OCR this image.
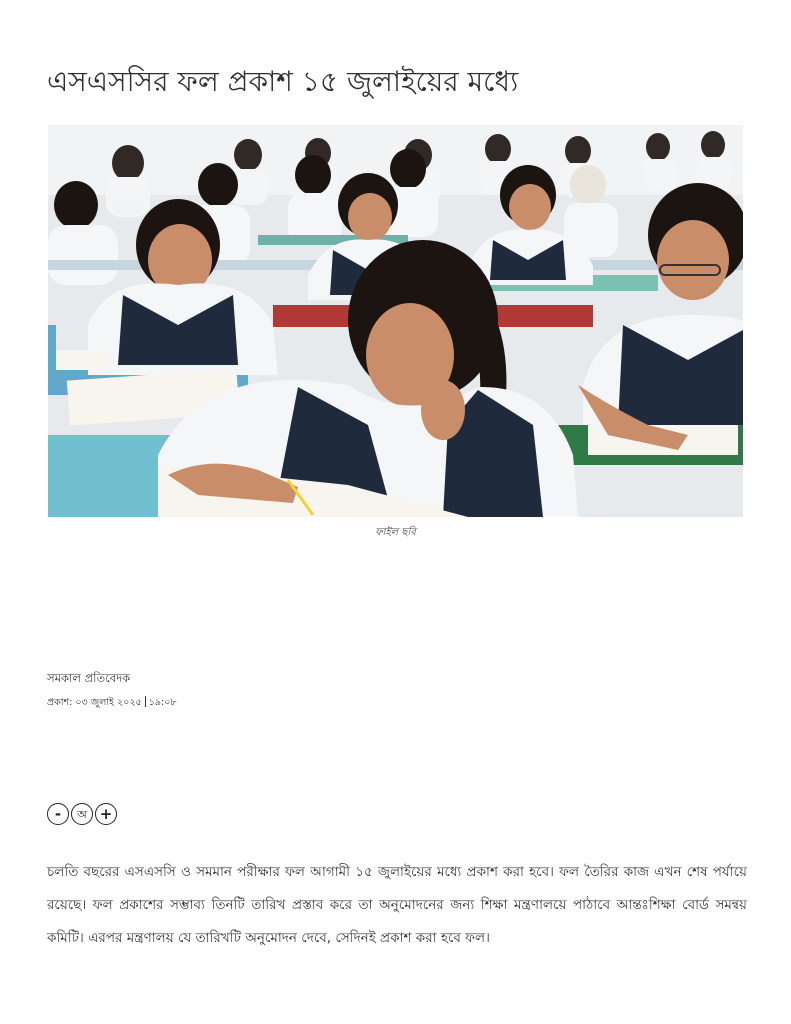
এসএসসির ফল প্রকাশ ১৫ জুলাইয়ের মধ্যে
ফাইল ছবি
সমকাল প্রতিবেদক
প্রকাশ: ০৩ জুলাই ২০২৫ ১৯:০৮
-	অ +

চলতি বছরের এসএসসি ও সমমান পরীক্ষার ফল আগামী ১৫ জুলাইয়ের মধ্যে প্রকাশ করা হবে। ফল তৈরির কাজ এখন শেষ পর্যায়ে রয়েছে। ফল প্রকাশের সম্ভাব্য তিনটি তারিখ প্রস্তাব করে তা অনুমোদনের জন্য শিক্ষা মন্ত্রণালয়ে পাঠাবে আন্তঃশিক্ষা বোর্ড সমন্বয় কমিটি। এরপর মন্ত্রণালয় যে তারিখটি অনুমোদন দেবে, সেদিনই প্রকাশ করা হবে ফল।
